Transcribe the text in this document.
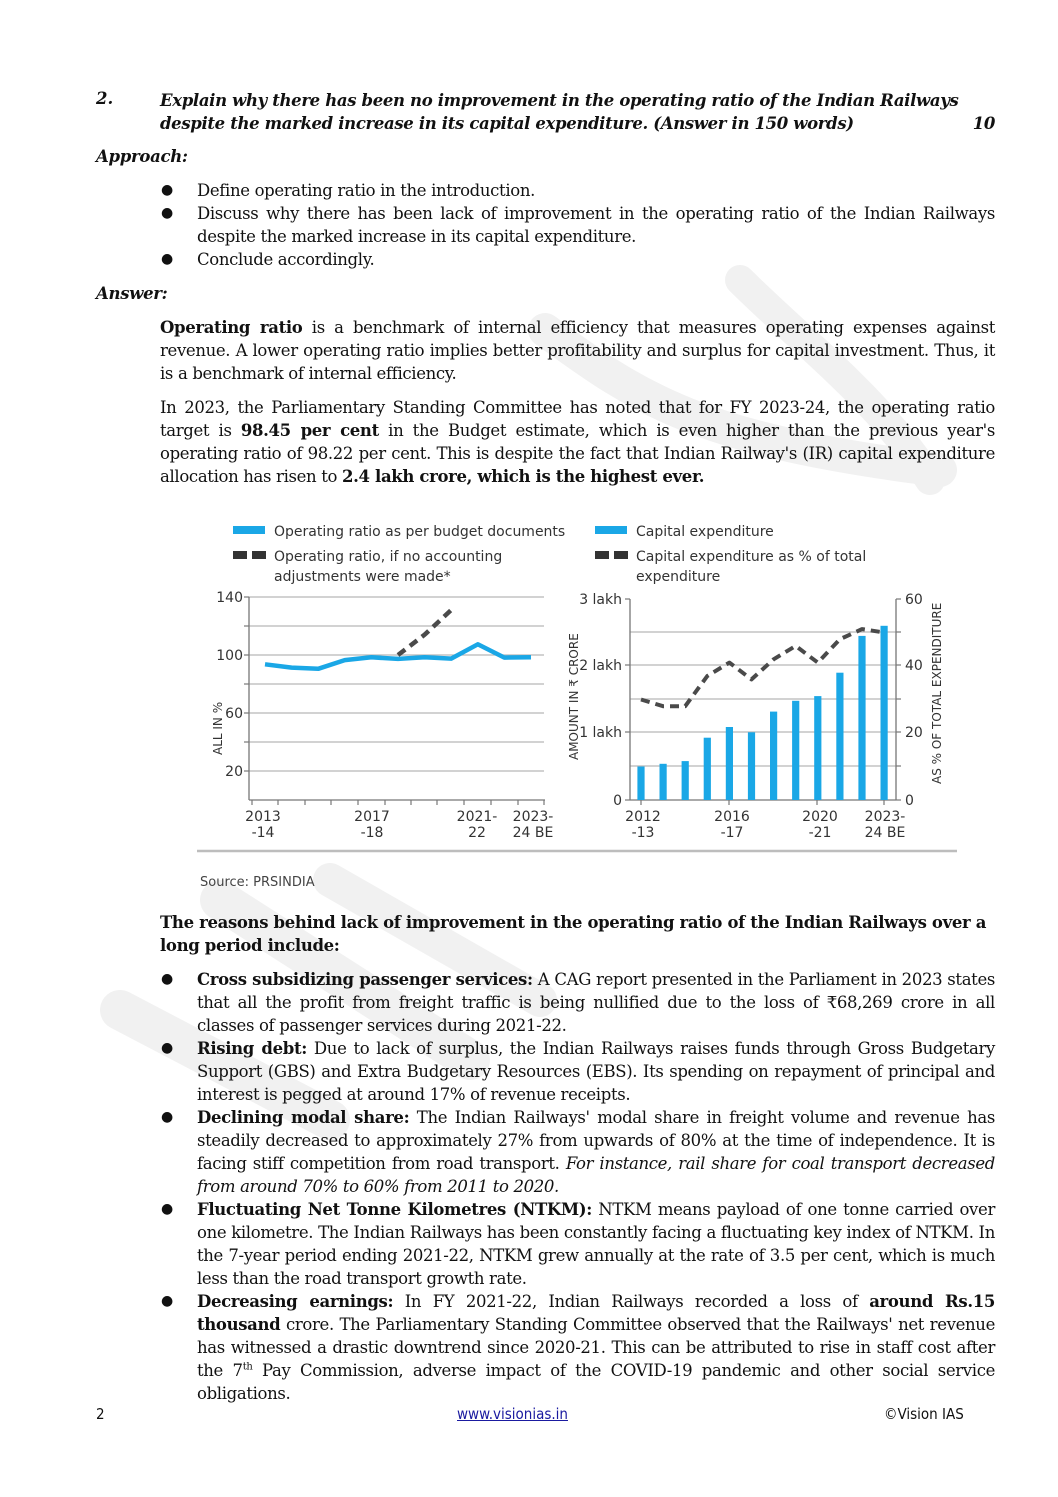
2.	Explain why there has been no improvement in the operating ratio of the Indian Railways despite the marked increase in its capital expenditure. (Answer in 150 words)	10
Approach:
● Define operating ratio in the introduction.
● Discuss why there has been lack of improvement in the operating ratio of the Indian Railways despite the marked increase in its capital expenditure.
● Conclude accordingly.
Answer:
Operating ratio is a benchmark of internal efficiency that measures operating expenses against revenue. A lower operating ratio implies better profitability and surplus for capital investment. Thus, it is a benchmark of internal efficiency.
In 2023, the Parliamentary Standing Committee has noted that for FY 2023-24, the operating ratio target is 98.45 per cent in the Budget estimate, which is even higher than the previous year's operating ratio of 98.22 per cent. This is despite the fact that Indian Railway's (IR) capital expenditure allocation has risen to 2.4 lakh crore, which is the highest ever.
Operating ratio as per budget documents
Operating ratio, if no accounting
adjustments were made*
140
100
60
20
ALL IN %
2013
-14
2017
-18
2021-
22
2023-
24 BE
Capital expenditure
Capital expenditure as % of total
expenditure
3 lakh
2 lakh
1 lakh
0
60
40
20
0
AMOUNT IN ₹ CRORE	AS % OF TOTAL EXPENDITURE
2012
-13
2016
-17
2020
-21
2023-
24 BE
Source: PRSINDIA
The reasons behind lack of improvement in the operating ratio of the Indian Railways over a long period include:
● Cross subsidizing passenger services: A CAG report presented in the Parliament in 2023 states that all the profit from freight traffic is being nullified due to the loss of ₹68,269 crore in all classes of passenger services during 2021-22.
● Rising debt: Due to lack of surplus, the Indian Railways raises funds through Gross Budgetary Support (GBS) and Extra Budgetary Resources (EBS). Its spending on repayment of principal and interest is pegged at around 17% of revenue receipts.
● Declining modal share: The Indian Railways' modal share in freight volume and revenue has steadily decreased to approximately 27% from upwards of 80% at the time of independence. It is facing stiff competition from road transport. For instance, rail share for coal transport decreased from around 70% to 60% from 2011 to 2020.
● Fluctuating Net Tonne Kilometres (NTKM): NTKM means payload of one tonne carried over one kilometre. The Indian Railways has been constantly facing a fluctuating key index of NTKM. In the 7-year period ending 2021-22, NTKM grew annually at the rate of 3.5 per cent, which is much less than the road transport growth rate.
● Decreasing earnings: In FY 2021-22, Indian Railways recorded a loss of around Rs.15 thousand crore. The Parliamentary Standing Committee observed that the Railways' net revenue has witnessed a drastic downtrend since 2020-21. This can be attributed to rise in staff cost after the 7th Pay Commission, adverse impact of the COVID-19 pandemic and other social service obligations.
2	www.visionias.in	©Vision IAS
